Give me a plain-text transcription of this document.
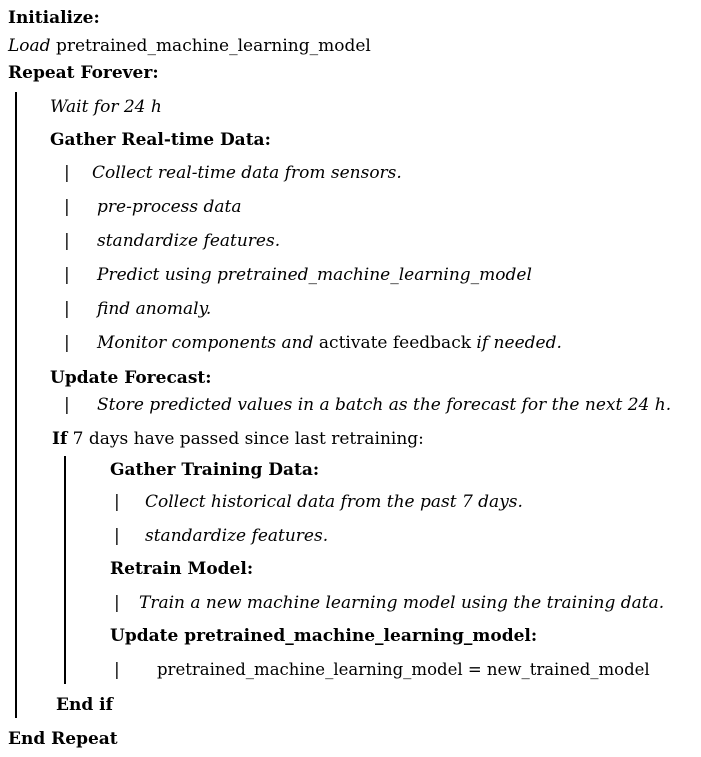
Initialize:
Load pretrained_machine_learning_model
Repeat Forever:
Wait for 24 h
Gather Real-time Data:
| Collect real-time data from sensors.
| pre-process data
| standardize features.
| Predict using pretrained_machine_learning_model
| find anomaly.
| Monitor components and activate feedback if needed.
Update Forecast:
| Store predicted values in a batch as the forecast for the next 24 h.
If 7 days have passed since last retraining:
Gather Training Data:
| Collect historical data from the past 7 days.
| standardize features.
Retrain Model:
| Train a new machine learning model using the training data.
Update pretrained_machine_learning_model:
| pretrained_machine_learning_model = new_trained_model
End if
End Repeat
